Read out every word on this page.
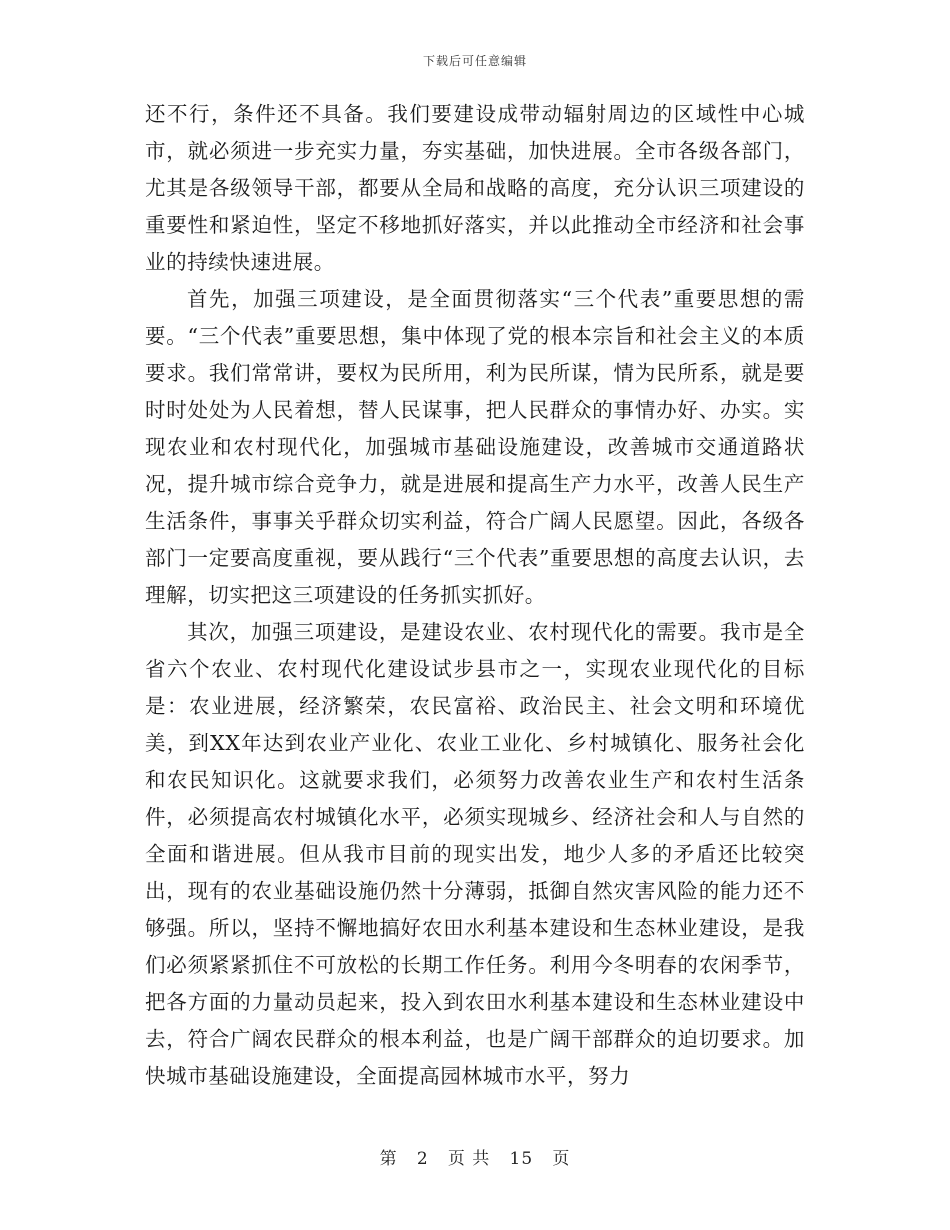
下载后可任意编辑

还不行，条件还不具备。我们要建设成带动辐射周边的区域性中心城市，就必须进一步充实力量，夯实基础，加快进展。全市各级各部门，尤其是各级领导干部，都要从全局和战略的高度，充分认识三项建设的重要性和紧迫性，坚定不移地抓好落实，并以此推动全市经济和社会事业的持续快速进展。

首先，加强三项建设，是全面贯彻落实“三个代表”重要思想的需要。“三个代表”重要思想，集中体现了党的根本宗旨和社会主义的本质要求。我们常常讲，要权为民所用，利为民所谋，情为民所系，就是要时时处处为人民着想，替人民谋事，把人民群众的事情办好、办实。实现农业和农村现代化，加强城市基础设施建设，改善城市交通道路状况，提升城市综合竞争力，就是进展和提高生产力水平，改善人民生产生活条件，事事关乎群众切实利益，符合广阔人民愿望。因此，各级各部门一定要高度重视，要从践行“三个代表”重要思想的高度去认识，去理解，切实把这三项建设的任务抓实抓好。

其次，加强三项建设，是建设农业、农村现代化的需要。我市是全省六个农业、农村现代化建设试步县市之一，实现农业现代化的目标是：农业进展，经济繁荣，农民富裕、政治民主、社会文明和环境优美，到XX年达到农业产业化、农业工业化、乡村城镇化、服务社会化和农民知识化。这就要求我们，必须努力改善农业生产和农村生活条件，必须提高农村城镇化水平，必须实现城乡、经济社会和人与自然的全面和谐进展。但从我市目前的现实出发，地少人多的矛盾还比较突出，现有的农业基础设施仍然十分薄弱，抵御自然灾害风险的能力还不够强。所以，坚持不懈地搞好农田水利基本建设和生态林业建设，是我们必须紧紧抓住不可放松的长期工作任务。利用今冬明春的农闲季节，把各方面的力量动员起来，投入到农田水利基本建设和生态林业建设中去，符合广阔农民群众的根本利益，也是广阔干部群众的迫切要求。加快城市基础设施建设，全面提高园林城市水平，努力

第 2 页 共 15 页
